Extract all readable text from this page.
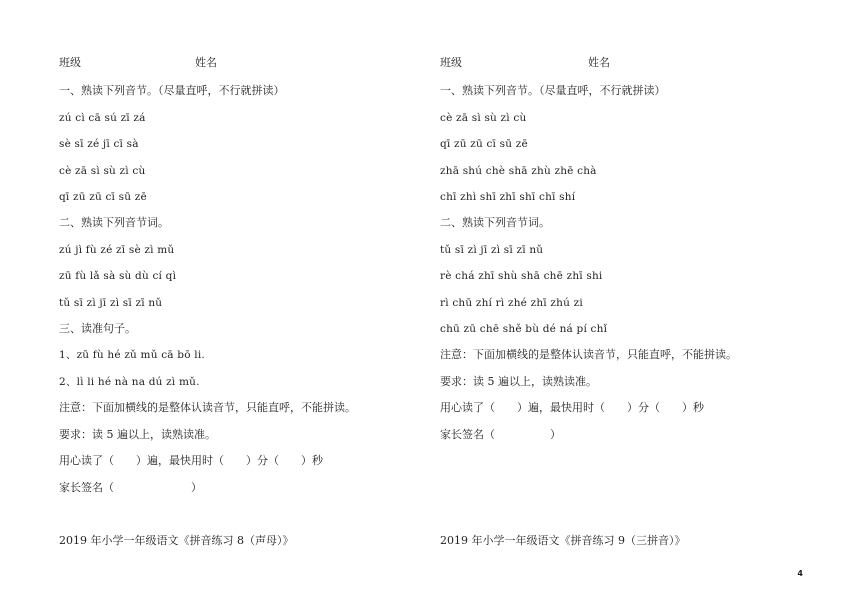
班级	姓名
一、熟读下列音节。（尽量直呼，不行就拼读）
zú cì cā sú zī zá
sè sī zé jī cī sà
cè zā sì sù zì cù
qī zū zū cī sū zē
二、熟读下列音节词。
zú jì fù zé zī sè zì mǔ
zū fù lǎ sà sù dù cí qì
tǔ sī zì jī zì sī zī nǔ
三、读准句子。
1、zū fù hé zǔ mǔ cā bō li.
2、lì li hé nà na dú zì mǔ.
注意：下面加横线的是整体认读音节，只能直呼，不能拼读。
要求：读 5 遍以上，读熟读准。
用心读了（　　）遍，最快用时（　　）分（　　）秒
家长签名（　　　　　　　）
2019 年小学一年级语文《拼音练习 8（声母）》
班级	姓名
一、熟读下列音节。（尽量直呼，不行就拼读）
cè zā sì sù zì cù
qī zū zū cī sū zē
zhā shú chè shā zhù zhē chà
chī zhì shī zhī shī chī shí
二、熟读下列音节词。
tǔ sī zì jī zì sī zī nǔ
rè chá zhī shù shā chē zhī shi
rì chū zhí rì zhé zhī zhú zi
chū zū chē shě bù dé ná pí chǐ
注意：下面加横线的是整体认读音节，只能直呼，不能拼读。
要求：读 5 遍以上，读熟读准。
用心读了（　　）遍，最快用时（　　）分（　　）秒
家长签名（　　　　　）
2019 年小学一年级语文《拼音练习 9（三拼音）》
4
